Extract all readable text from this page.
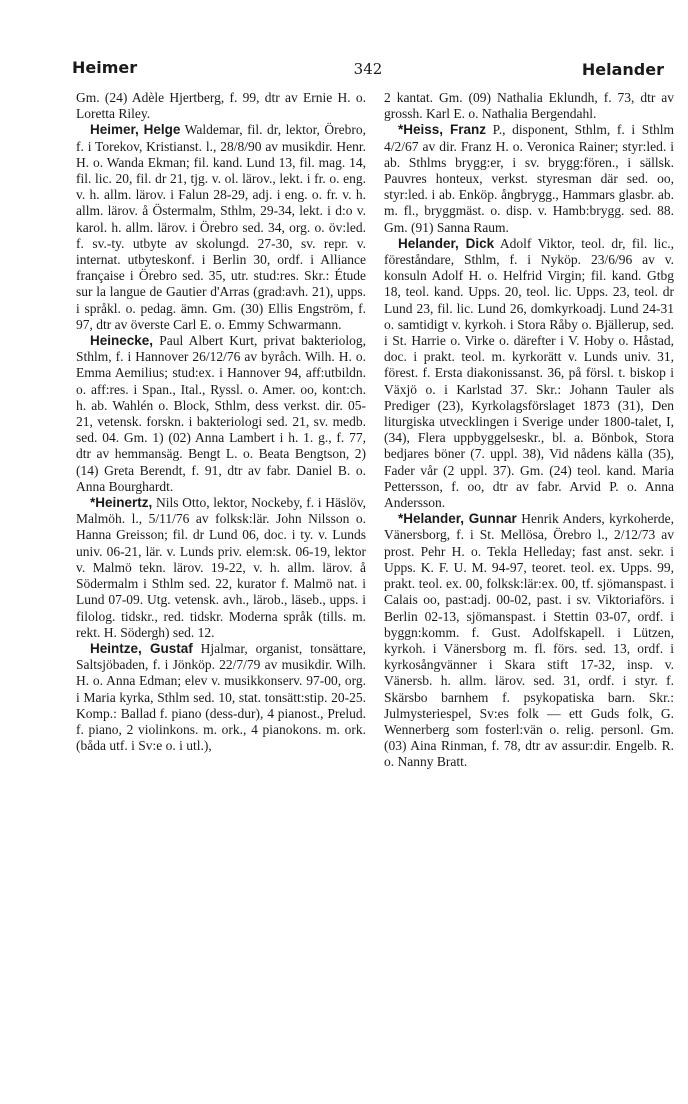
Heimer	342	Helander

Gm. (24) Adèle Hjertberg, f. 99, dtr av Ernie H. o. Loretta Riley.

Heimer, Helge Waldemar, fil. dr, lektor, Örebro, f. i Torekov, Kristianst. l., 28/8/90 av musikdir. Henr. H. o. Wanda Ekman; fil. kand. Lund 13, fil. mag. 14, fil. lic. 20, fil. dr 21, tjg. v. ol. lärov., lekt. i fr. o. eng. v. h. allm. lärov. i Falun 28-29, adj. i eng. o. fr. v. h. allm. lärov. å Östermalm, Sthlm, 29-34, lekt. i d:o v. karol. h. allm. lärov. i Örebro sed. 34, org. o. öv:led. f. sv.-ty. utbyte av skolungd. 27-30, sv. repr. v. internat. utbyteskonf. i Berlin 30, ordf. i Alliance française i Örebro sed. 35, utr. stud:res. Skr.: Étude sur la langue de Gautier d'Arras (grad:avh. 21), upps. i språkl. o. pedag. ämn. Gm. (30) Ellis Engström, f. 97, dtr av överste Carl E. o. Emmy Schwarmann.

Heinecke, Paul Albert Kurt, privat bakteriolog, Sthlm, f. i Hannover 26/12/76 av byråch. Wilh. H. o. Emma Aemilius; stud:ex. i Hannover 94, aff:utbildn. o. aff:res. i Span., Ital., Ryssl. o. Amer. oo, kont:ch. h. ab. Wahlén o. Block, Sthlm, dess verkst. dir. 05-21, vetensk. forskn. i bakteriologi sed. 21, sv. medb. sed. 04. Gm. 1) (02) Anna Lambert i h. 1. g., f. 77, dtr av hemmansäg. Bengt L. o. Beata Bengtson, 2) (14) Greta Berendt, f. 91, dtr av fabr. Daniel B. o. Anna Bourghardt.

*Heinertz, Nils Otto, lektor, Nockeby, f. i Häslöv, Malmöh. l., 5/11/76 av folksk:lär. John Nilsson o. Hanna Greisson; fil. dr Lund 06, doc. i ty. v. Lunds univ. 06-21, lär. v. Lunds priv. elem:sk. 06-19, lektor v. Malmö tekn. lärov. 19-22, v. h. allm. lärov. å Södermalm i Sthlm sed. 22, kurator f. Malmö nat. i Lund 07-09. Utg. vetensk. avh., lärob., läseb., upps. i filolog. tidskr., red. tidskr. Moderna språk (tills. m. rekt. H. Södergh) sed. 12.

Heintze, Gustaf Hjalmar, organist, tonsättare, Saltsjöbaden, f. i Jönköp. 22/7/79 av musikdir. Wilh. H. o. Anna Edman; elev v. musikkonserv. 97-00, org. i Maria kyrka, Sthlm sed. 10, stat. tonsätt:stip. 20-25. Komp.: Ballad f. piano (dess-dur), 4 pianost., Prelud. f. piano, 2 violinkons. m. ork., 4 pianokons. m. ork. (båda utf. i Sv:e o. i utl.),

2 kantat. Gm. (09) Nathalia Eklundh, f. 73, dtr av grossh. Karl E. o. Nathalia Bergendahl.

*Heiss, Franz P., disponent, Sthlm, f. i Sthlm 4/2/67 av dir. Franz H. o. Veronica Rainer; styr:led. i ab. Sthlms brygg:er, i sv. brygg:fören., i sällsk. Pauvres honteux, verkst. styresman där sed. oo, styr:led. i ab. Enköp. ångbrygg., Hammars glasbr. ab. m. fl., bryggmäst. o. disp. v. Hamb:brygg. sed. 88. Gm. (91) Sanna Raum.

Helander, Dick Adolf Viktor, teol. dr, fil. lic., föreståndare, Sthlm, f. i Nyköp. 23/6/96 av v. konsuln Adolf H. o. Helfrid Virgin; fil. kand. Gtbg 18, teol. kand. Upps. 20, teol. lic. Upps. 23, teol. dr Lund 23, fil. lic. Lund 26, domkyrkoadj. Lund 24-31 o. samtidigt v. kyrkoh. i Stora Råby o. Bjällerup, sed. i St. Harrie o. Virke o. därefter i V. Hoby o. Håstad, doc. i prakt. teol. m. kyrkorätt v. Lunds univ. 31, förest. f. Ersta diakonissanst. 36, på försl. t. biskop i Växjö o. i Karlstad 37. Skr.: Johann Tauler als Prediger (23), Kyrkolagsförslaget 1873 (31), Den liturgiska utvecklingen i Sverige under 1800-talet, I, (34), Flera uppbyggelseskr., bl. a. Bönbok, Stora bedjares böner (7. uppl. 38), Vid nådens källa (35), Fader vår (2 uppl. 37). Gm. (24) teol. kand. Maria Pettersson, f. oo, dtr av fabr. Arvid P. o. Anna Andersson.

*Helander, Gunnar Henrik Anders, kyrkoherde, Vänersborg, f. i St. Mellösa, Örebro l., 2/12/73 av prost. Pehr H. o. Tekla Helleday; fast anst. sekr. i Upps. K. F. U. M. 94-97, teoret. teol. ex. Upps. 99, prakt. teol. ex. 00, folksk:lär:ex. 00, tf. sjömanspast. i Calais oo, past:adj. 00-02, past. i sv. Viktoriaförs. i Berlin 02-13, sjömanspast. i Stettin 03-07, ordf. i byggn:komm. f. Gust. Adolfskapell. i Lützen, kyrkoh. i Vänersborg m. fl. förs. sed. 13, ordf. i kyrkosångvänner i Skara stift 17-32, insp. v. Vänersb. h. allm. lärov. sed. 31, ordf. i styr. f. Skärsbo barnhem f. psykopatiska barn. Skr.: Julmysteriespel, Sv:es folk — ett Guds folk, G. Wennerberg som fosterl:vän o. relig. personl. Gm. (03) Aina Rinman, f. 78, dtr av assur:dir. Engelb. R. o. Nanny Bratt.
